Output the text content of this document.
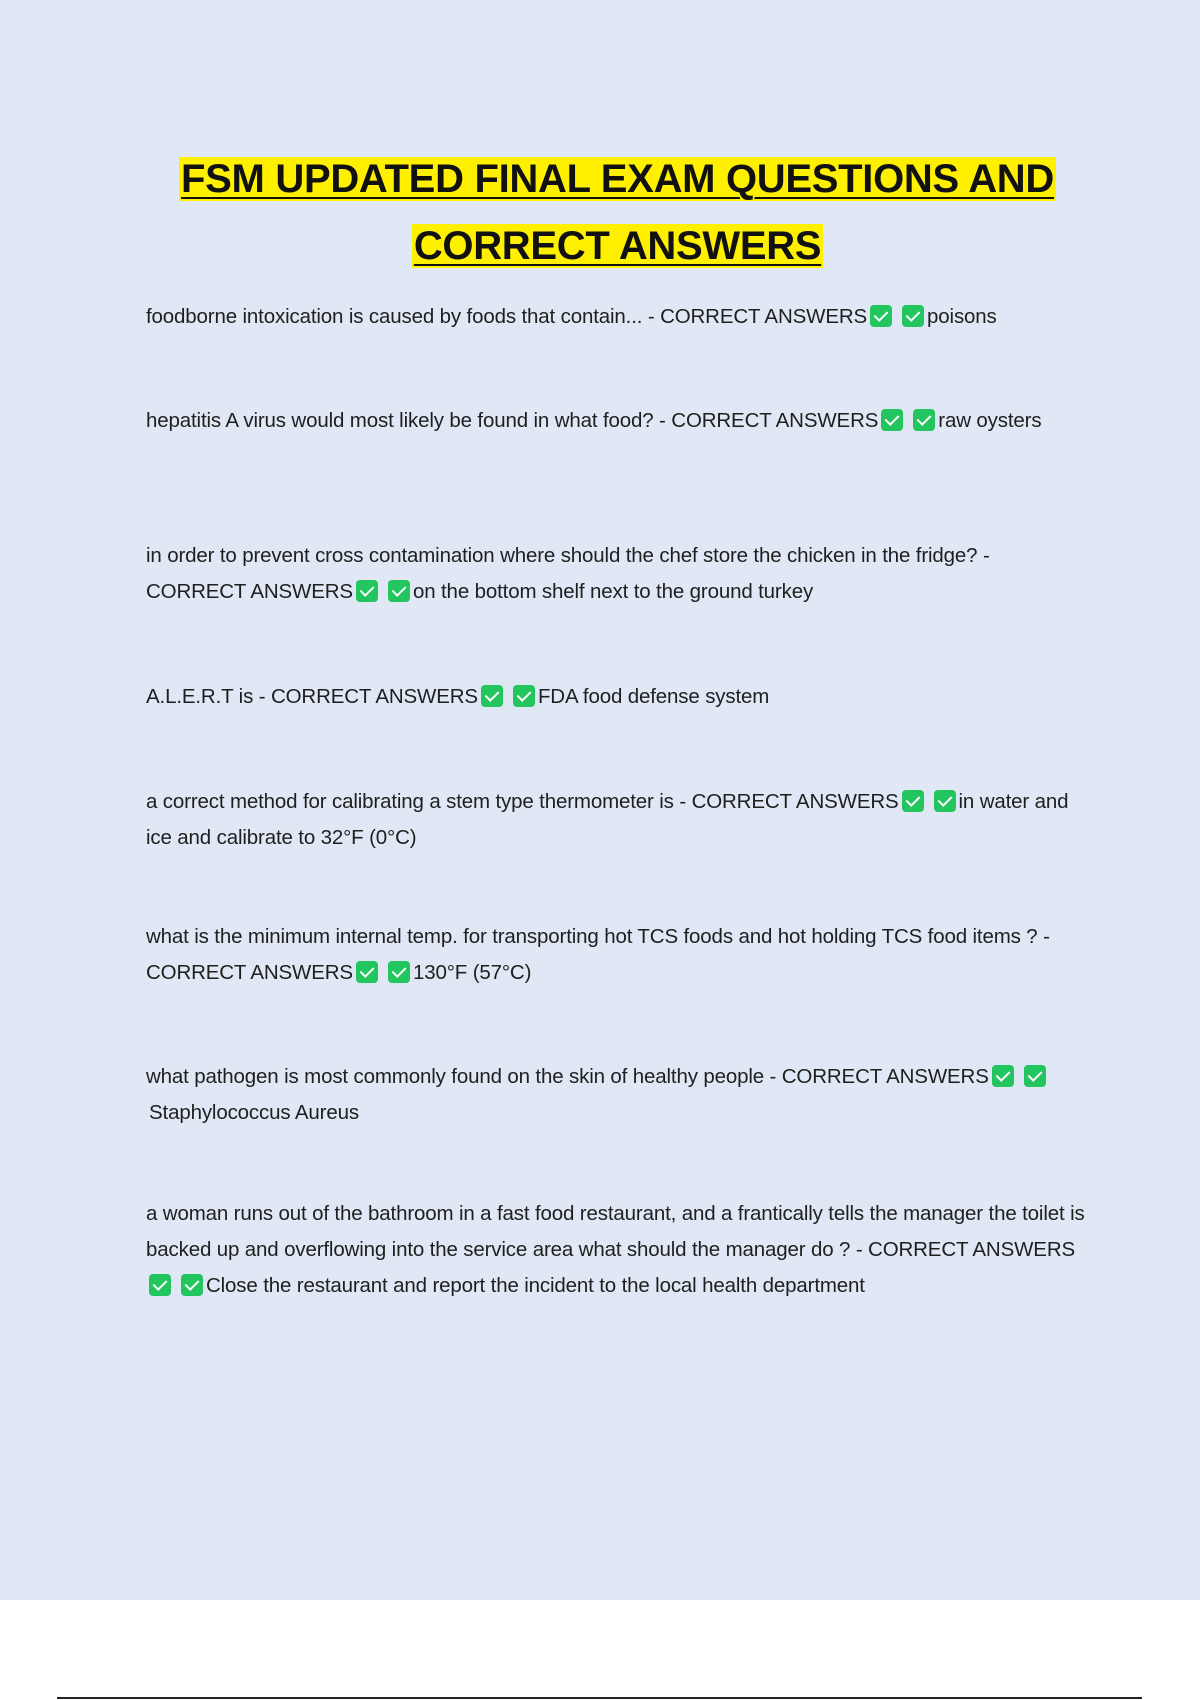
FSM UPDATED FINAL EXAM QUESTIONS AND
CORRECT ANSWERS

foodborne intoxication is caused by foods that contain... - CORRECT ANSWERS	poisons

hepatitis A virus would most likely be found in what food? - CORRECT ANSWERS	raw oysters

in order to prevent cross contamination where should the chef store the chicken in the fridge? - CORRECT ANSWERS	on the bottom shelf next to the ground turkey

A.L.E.R.T is - CORRECT ANSWERS	FDA food defense system

a correct method for calibrating a stem type thermometer is - CORRECT ANSWERS	in water and ice and calibrate to 32°F (0°C)

what is the minimum internal temp. for transporting hot TCS foods and hot holding TCS food items ? - CORRECT ANSWERS	130°F (57°C)

what pathogen is most commonly found on the skin of healthy people - CORRECT ANSWERSStaphylococcus Aureus

a woman runs out of the bathroom in a fast food restaurant, and a frantically tells the manager the toilet is backed up and overflowing into the service area what should the manager do ? - CORRECT ANSWERSClose the restaurant and report the incident to the local health department
